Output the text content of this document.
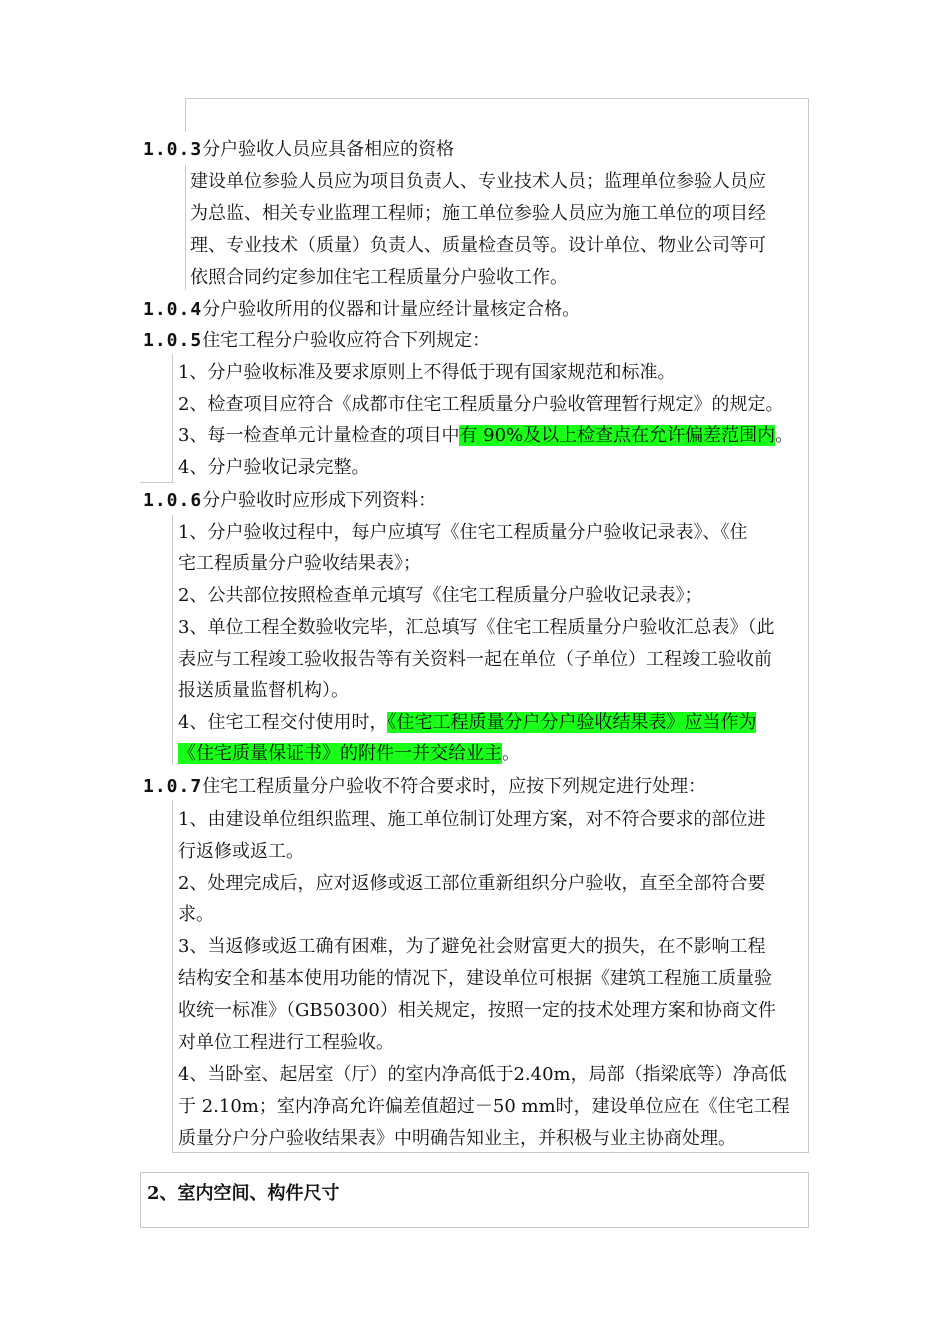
1.0.3分户验收人员应具备相应的资格
建设单位参验人员应为项目负责人、专业技术人员；监理单位参验人员应
为总监、相关专业监理工程师；施工单位参验人员应为施工单位的项目经
理、专业技术（质量）负责人、质量检查员等。设计单位、物业公司等可
依照合同约定参加住宅工程质量分户验收工作。
1.0.4分户验收所用的仪器和计量应经计量核定合格。
1.0.5住宅工程分户验收应符合下列规定：
1、分户验收标准及要求原则上不得低于现有国家规范和标准。
2、检查项目应符合《成都市住宅工程质量分户验收管理暂行规定》的规定。
3、每一检查单元计量检查的项目中有 90%及以上检查点在允许偏差范围内。
4、分户验收记录完整。
1.0.6分户验收时应形成下列资料：
1、分户验收过程中，每户应填写《住宅工程质量分户验收记录表》、《住
宅工程质量分户验收结果表》；
2、公共部位按照检查单元填写《住宅工程质量分户验收记录表》；
3、单位工程全数验收完毕，汇总填写《住宅工程质量分户验收汇总表》（此
表应与工程竣工验收报告等有关资料一起在单位（子单位）工程竣工验收前
报送质量监督机构）。
4、住宅工程交付使用时，《住宅工程质量分户分户验收结果表》应当作为
《住宅质量保证书》的附件一并交给业主。
1.0.7住宅工程质量分户验收不符合要求时，应按下列规定进行处理：
1、由建设单位组织监理、施工单位制订处理方案，对不符合要求的部位进
行返修或返工。
2、处理完成后，应对返修或返工部位重新组织分户验收，直至全部符合要
求。
3、当返修或返工确有困难，为了避免社会财富更大的损失，在不影响工程
结构安全和基本使用功能的情况下，建设单位可根据《建筑工程施工质量验
收统一标准》（GB50300）相关规定，按照一定的技术处理方案和协商文件
对单位工程进行工程验收。
4、当卧室、起居室（厅）的室内净高低于2.40m，局部（指梁底等）净高低
于 2.10m；室内净高允许偏差值超过－50 mm时，建设单位应在《住宅工程
质量分户分户验收结果表》中明确告知业主，并积极与业主协商处理。
2、室内空间、构件尺寸
